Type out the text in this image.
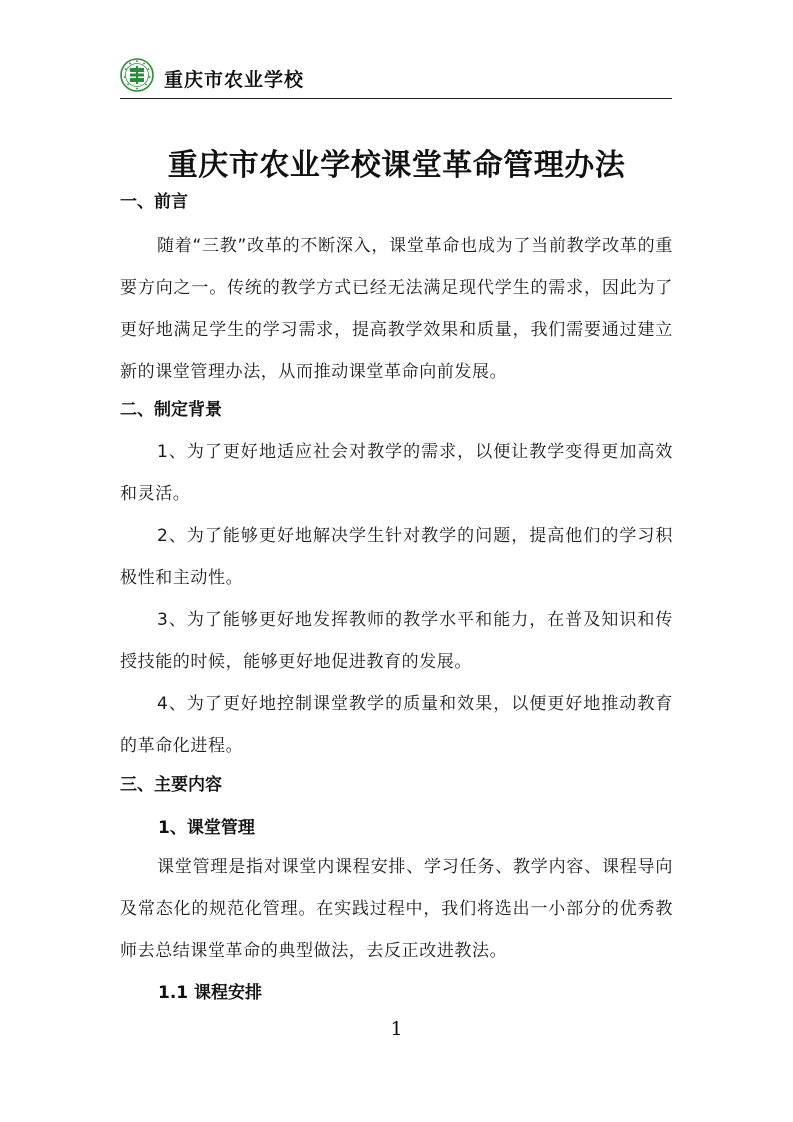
重庆市农业学校
重庆市农业学校课堂革命管理办法
一、前言
随着“三教”改革的不断深入，课堂革命也成为了当前教学改革的重要方向之一。传统的教学方式已经无法满足现代学生的需求，因此为了更好地满足学生的学习需求，提高教学效果和质量，我们需要通过建立新的课堂管理办法，从而推动课堂革命向前发展。
二、制定背景
1、为了更好地适应社会对教学的需求，以便让教学变得更加高效和灵活。
2、为了能够更好地解决学生针对教学的问题，提高他们的学习积极性和主动性。
3、为了能够更好地发挥教师的教学水平和能力，在普及知识和传授技能的时候，能够更好地促进教育的发展。
4、为了更好地控制课堂教学的质量和效果，以便更好地推动教育的革命化进程。
三、主要内容
1、课堂管理
课堂管理是指对课堂内课程安排、学习任务、教学内容、课程导向及常态化的规范化管理。在实践过程中，我们将选出一小部分的优秀教师去总结课堂革命的典型做法，去反正改进教法。
1.1 课程安排
1
